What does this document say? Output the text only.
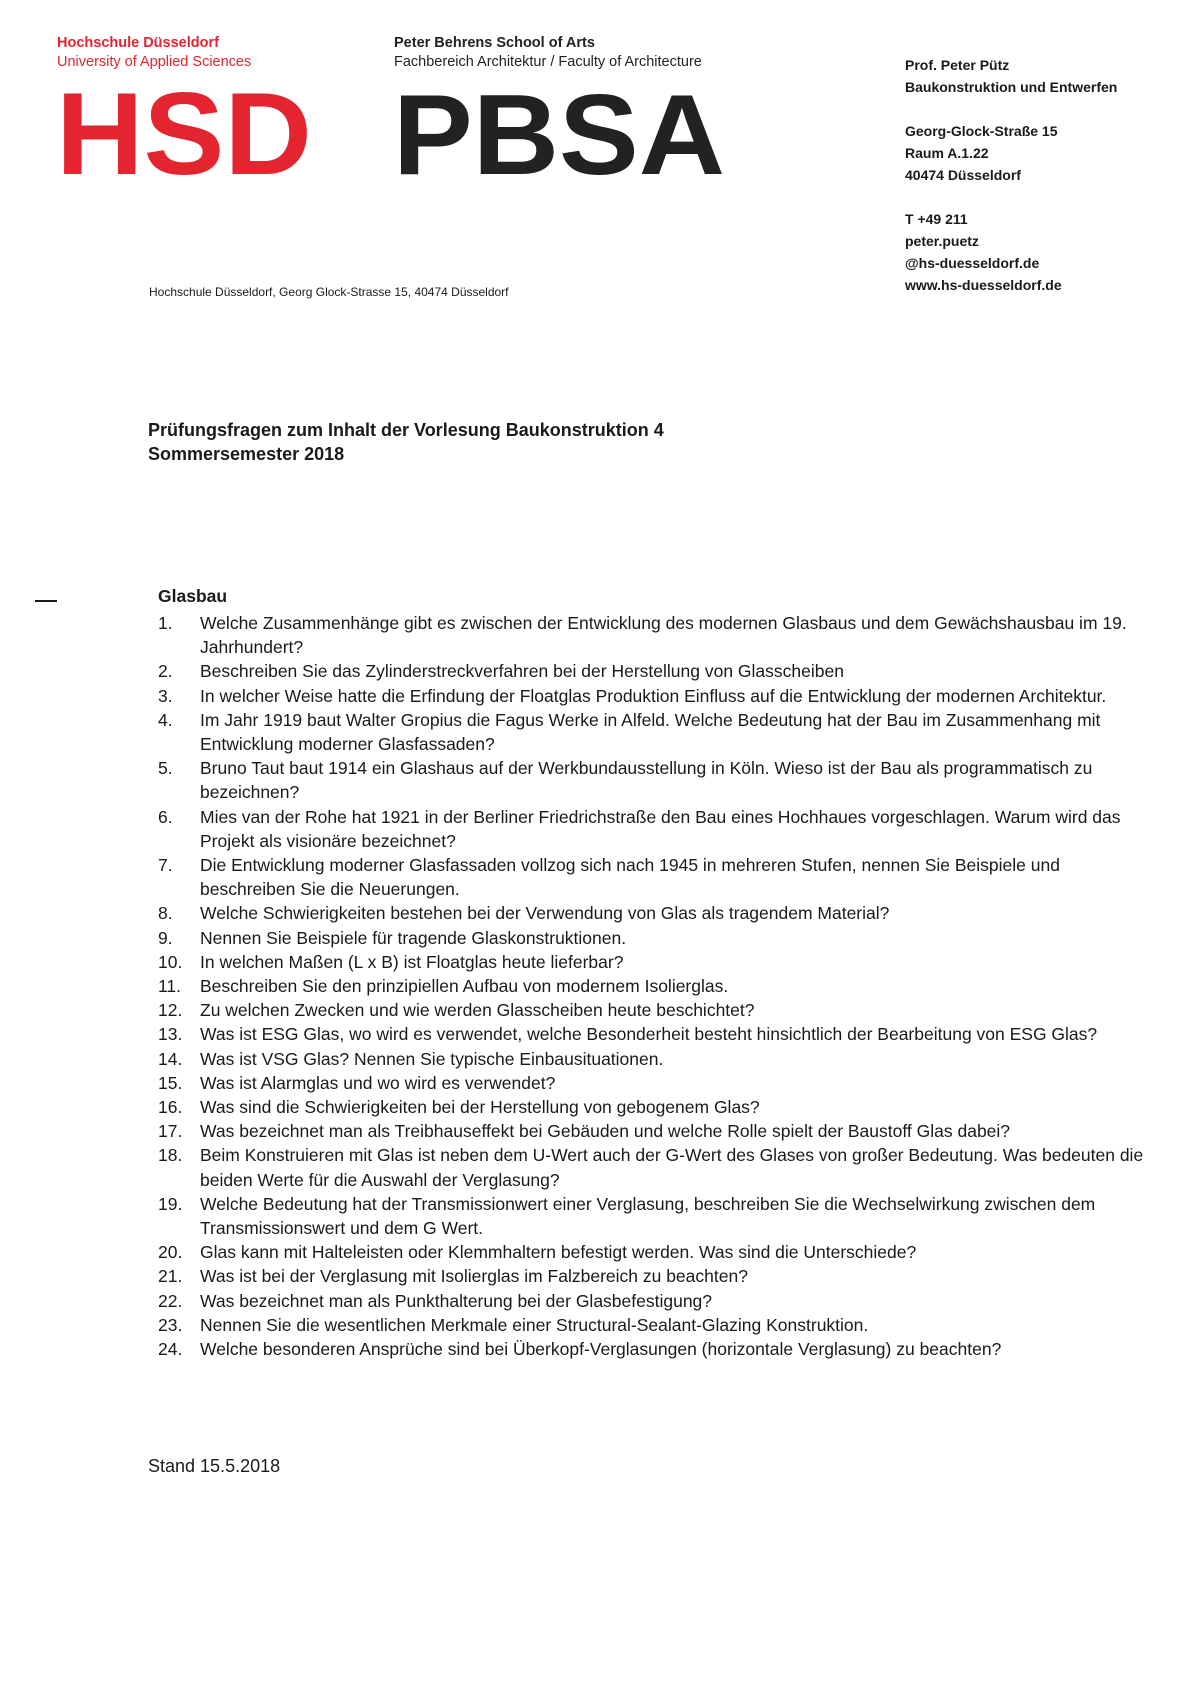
Hochschule Düsseldorf
University of Applied Sciences
HSD
Peter Behrens School of Arts
Fachbereich Architektur / Faculty of Architecture
PBSA
Prof. Peter Pütz
Baukonstruktion und Entwerfen
Georg-Glock-Straße 15
Raum A.1.22
40474 Düsseldorf
T +49 211
peter.puetz
@hs-duesseldorf.de
www.hs-duesseldorf.de
Hochschule Düsseldorf, Georg Glock-Strasse 15, 40474 Düsseldorf
Prüfungsfragen zum Inhalt der Vorlesung Baukonstruktion 4
Sommersemester 2018
Glasbau
1. Welche Zusammenhänge gibt es zwischen der Entwicklung des modernen Glasbaus und dem Gewächshausbau im 19. Jahrhundert?
2. Beschreiben Sie das Zylinderstreckverfahren bei der Herstellung von Glasscheiben
3. In welcher Weise hatte die Erfindung der Floatglas Produktion Einfluss auf die Entwicklung der modernen Architektur.
4. Im Jahr 1919 baut Walter Gropius die Fagus Werke in Alfeld. Welche Bedeutung hat der Bau im Zusammenhang mit Entwicklung moderner Glasfassaden?
5. Bruno Taut baut 1914 ein Glashaus auf der Werkbundausstellung in Köln. Wieso ist der Bau als programmatisch zu bezeichnen?
6. Mies van der Rohe hat 1921 in der Berliner Friedrichstraße den Bau eines Hochhaues vorgeschlagen. Warum wird das Projekt als visionäre bezeichnet?
7. Die Entwicklung moderner Glasfassaden vollzog sich nach 1945 in mehreren Stufen, nennen Sie Beispiele und beschreiben Sie die Neuerungen.
8. Welche Schwierigkeiten bestehen bei der Verwendung von Glas als tragendem Material?
9. Nennen Sie Beispiele für tragende Glaskonstruktionen.
10. In welchen Maßen (L x B) ist Floatglas heute lieferbar?
11. Beschreiben Sie den prinzipiellen Aufbau von modernem Isolierglas.
12. Zu welchen Zwecken und wie werden Glasscheiben heute beschichtet?
13. Was ist ESG Glas, wo wird es verwendet, welche Besonderheit besteht hinsichtlich der Bearbeitung von ESG Glas?
14. Was ist VSG Glas? Nennen Sie typische Einbausituationen.
15. Was ist Alarmglas und wo wird es verwendet?
16. Was sind die Schwierigkeiten bei der Herstellung von gebogenem Glas?
17. Was bezeichnet man als Treibhauseffekt bei Gebäuden und welche Rolle spielt der Baustoff Glas dabei?
18. Beim Konstruieren mit Glas ist neben dem U-Wert auch der G-Wert des Glases von großer Bedeutung. Was bedeuten die beiden Werte für die Auswahl der Verglasung?
19. Welche Bedeutung hat der Transmissionwert einer Verglasung, beschreiben Sie die Wechselwirkung zwischen dem Transmissionswert und dem G Wert.
20. Glas kann mit Halteleisten oder Klemmhaltern befestigt werden. Was sind die Unterschiede?
21. Was ist bei der Verglasung mit Isolierglas im Falzbereich zu beachten?
22. Was bezeichnet man als Punkthalterung bei der Glasbefestigung?
23. Nennen Sie die wesentlichen Merkmale einer Structural-Sealant-Glazing Konstruktion.
24. Welche besonderen Ansprüche sind bei Überkopf-Verglasungen (horizontale Verglasung) zu beachten?
Stand 15.5.2018
